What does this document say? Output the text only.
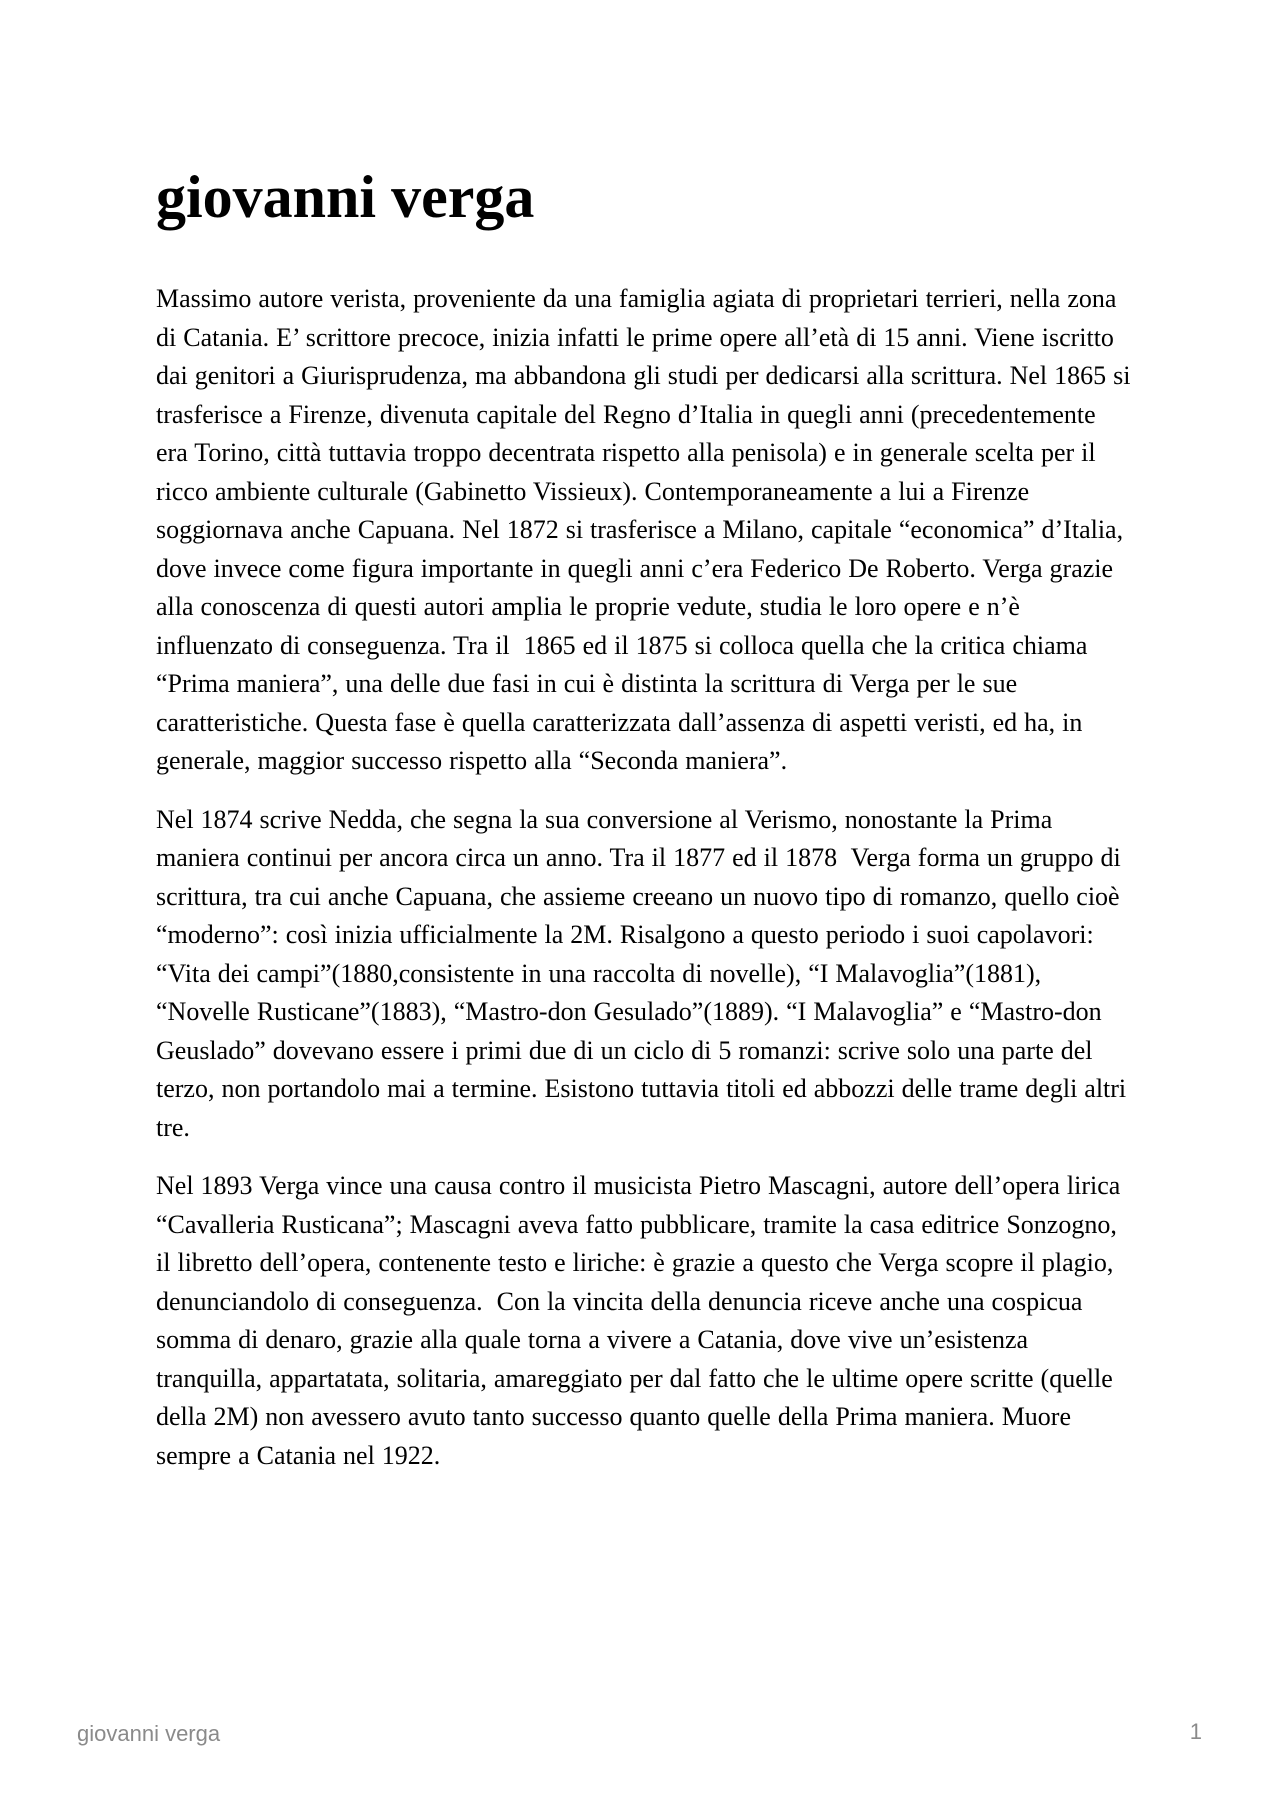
giovanni verga

Massimo autore verista, proveniente da una famiglia agiata di proprietari terrieri, nella zona di Catania. E’ scrittore precoce, inizia infatti le prime opere all’età di 15 anni. Viene iscritto dai genitori a Giurisprudenza, ma abbandona gli studi per dedicarsi alla scrittura. Nel 1865 si trasferisce a Firenze, divenuta capitale del Regno d’Italia in quegli anni (precedentemente era Torino, città tuttavia troppo decentrata rispetto alla penisola) e in generale scelta per il ricco ambiente culturale (Gabinetto Vissieux). Contemporaneamente a lui a Firenze soggiornava anche Capuana. Nel 1872 si trasferisce a Milano, capitale “economica” d’Italia, dove invece come figura importante in quegli anni c’era Federico De Roberto. Verga grazie alla conoscenza di questi autori amplia le proprie vedute, studia le loro opere e n’è influenzato di conseguenza. Tra il  1865 ed il 1875 si colloca quella che la critica chiama “Prima maniera”, una delle due fasi in cui è distinta la scrittura di Verga per le sue caratteristiche. Questa fase è quella caratterizzata dall’assenza di aspetti veristi, ed ha, in generale, maggior successo rispetto alla “Seconda maniera”.

Nel 1874 scrive Nedda, che segna la sua conversione al Verismo, nonostante la Prima maniera continui per ancora circa un anno. Tra il 1877 ed il 1878  Verga forma un gruppo di scrittura, tra cui anche Capuana, che assieme creeano un nuovo tipo di romanzo, quello cioè “moderno”: così inizia ufficialmente la 2M. Risalgono a questo periodo i suoi capolavori: “Vita dei campi”(1880,consistente in una raccolta di novelle), “I Malavoglia”(1881), “Novelle Rusticane”(1883), “Mastro-don Gesulado”(1889). “I Malavoglia” e “Mastro-don Geuslado” dovevano essere i primi due di un ciclo di 5 romanzi: scrive solo una parte del terzo, non portandolo mai a termine. Esistono tuttavia titoli ed abbozzi delle trame degli altri tre.

Nel 1893 Verga vince una causa contro il musicista Pietro Mascagni, autore dell’opera lirica “Cavalleria Rusticana”; Mascagni aveva fatto pubblicare, tramite la casa editrice Sonzogno, il libretto dell’opera, contenente testo e liriche: è grazie a questo che Verga scopre il plagio, denunciandolo di conseguenza.  Con la vincita della denuncia riceve anche una cospicua somma di denaro, grazie alla quale torna a vivere a Catania, dove vive un’esistenza tranquilla, appartatata, solitaria, amareggiato per dal fatto che le ultime opere scritte (quelle della 2M) non avessero avuto tanto successo quanto quelle della Prima maniera. Muore sempre a Catania nel 1922.

giovanni verga	1
